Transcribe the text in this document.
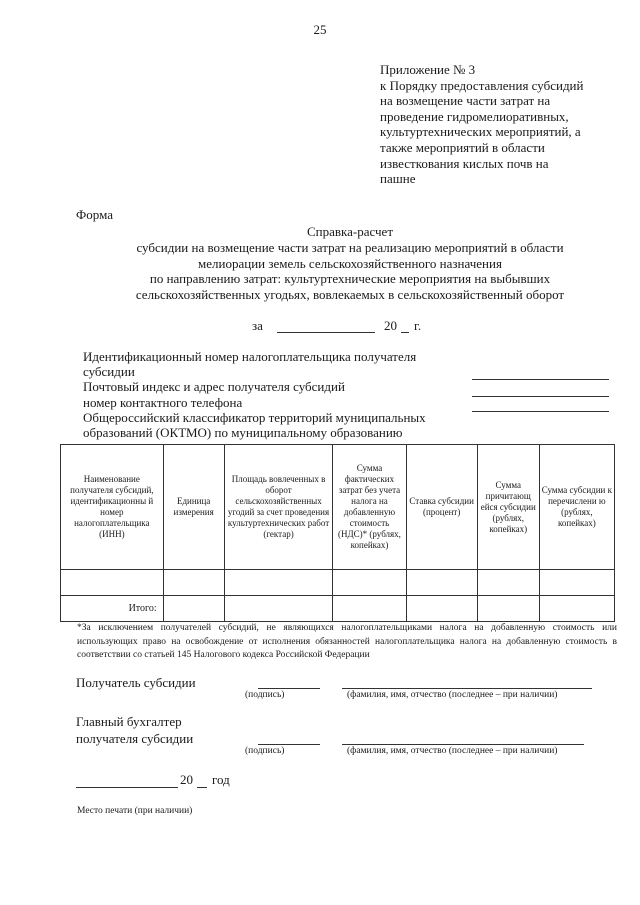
25
Приложение № 3
к Порядку предоставления субсидий
на возмещение части затрат на
проведение гидромелиоративных,
культуртехнических мероприятий, а
также мероприятий в области
известкования кислых почв на
пашне
Форма
Справка-расчет
субсидии на возмещение части затрат на реализацию мероприятий в области
мелиорации земель сельскохозяйственного назначения
по направлению затрат: культуртехнические мероприятия на выбывших
сельскохозяйственных угодьях, вовлекаемых в сельскохозяйственный оборот
за	20 г.
Идентификационный номер налогоплательщика получателя
субсидии
Почтовый индекс и адрес получателя субсидий
номер контактного телефона
Общероссийский классификатор территорий муниципальных
образований (ОКТМО) по муниципальному образованию
Наименование получателя субсидий, идентификационны й номер налогоплательщика (ИНН)	Единица измерения	Площадь вовлеченных в оборот сельскохозяйственных угодий за счет проведения культуртехнических работ (гектар)	Сумма фактических затрат без учета налога на добавленную стоимость (НДС)* (рублях, копейках)	Ставка субсидии (процент)	Сумма причитающ ейся субсидии (рублях, копейках)	Сумма субсидии к перечислени ю (рублях, копейках)

Итого:						
*За исключением получателей субсидий, не являющихся налогоплательщиками налога на добавленную стоимость или использующих право на освобождение от исполнения обязанностей налогоплательщика налога на добавленную стоимость в соответствии со статьей 145 Налогового кодекса Российской Федерации
Получатель субсидии
(подпись)	(фамилия, имя, отчество (последнее – при наличии)
Главный бухгалтер
получателя субсидии
(подпись)	(фамилия, имя, отчество (последнее – при наличии)
20 год
Место печати (при наличии)
